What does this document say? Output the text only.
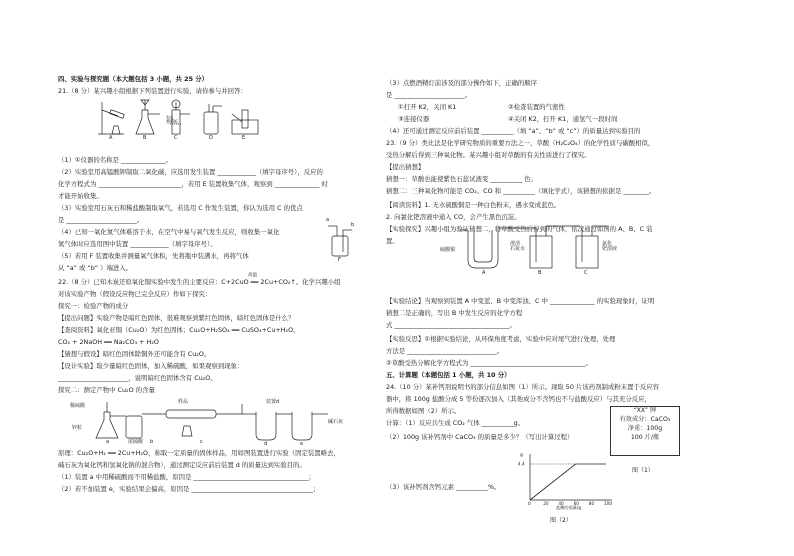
四、实验与探究题（本大题包括 3 小题，共 25 分）
21.（8 分）某兴趣小组根据下列装置进行实验，请你参与并回答：
有孔
塑料板
A	B	C	D	E
（1）①仪器的名称是 ______________。
（2）实验室用高锰酸钾制取二氧化碳，应选用发生装置 ____________（填字母序号），反应的
化学方程式为 __________________________，若用 E 装置收集气体，观察到 ______________ 时
才能开始收集。
（3）实验室用石灰石和稀盐酸制取氧气，若选用 C 作发生装置，你认为选用 C 的优点
是 ______________________。
（4）已知一氧化氮气体难溶于水，在空气中易与氧气发生反应，则收集一氧化
氮气体时应选用图中装置 ____________（填字母序号）。
（5）若用 F 装置收集并测量氧气体积，先将瓶中装满水，再将气体
从 “a” 或 “b” ）端进入。
a
b
F
22.（8 分）已知木炭还原氧化铜实验中发生的主要反应：C+2CuO ══ 2Cu+CO₂↑。化学兴趣小组
高温
对该实验产物（假设反应物已完全反应）作如下探究：
探究一：检验产物的成分
【提出问题】实验产物是暗红色固体，很难观察到紫红色固体，暗红色固体是什么？
【查阅资料】氧化亚铜（Cu₂O）为红色固体；Cu₂O+H₂SO₄ ══ CuSO₄+Cu+H₂O。
CO₂ + 2NaOH ══ Na₂CO₃ + H₂O
【猜想与假设】暗红色固体除铜外还可能含有 Cu₂O。
【设计实验】取少量暗红色固体，加入稀硫酸，如果观察到现象：
______________________，说明暗红色固体含有 Cu₂O。
探究二：测定产物中 Cu₂O 的含量
稀硫酸
锌粒
浓硫酸
样品
碱石灰
装置d
a	b	c	d	e
原理：Cu₂O+H₂ ══ 2Cu+H₂O，称取一定质量的固体样品，用如图装置进行实验（固定装置略去，
碱石灰为氧化钙和氢氧化钠的混合物），通过测定反应前后装置 d 的质量达到实验目的。
（1）装置 a 中用稀硫酸而不用稀盐酸，原因是 ____________________________________；
（2）若不加装置 e，实验结果会偏高，原因是 ______________________________________；
（3）点燃酒精灯前涉及的部分操作如下，正确的顺序
是 ______________________。
①打开 K2，关闭 K1	②检查装置的气密性
③连接仪器	④关闭 K2，打开 K1，通氢气一段时间
（4）还可通过测定反应前后装置 __________（填 “a”、“b” 或 “c”）的质量达到实验目的
23.（9 分）类比法是化学研究物质的重要方法之一，草酸（H₂C₂O₄）的化学性质与碳酸相似，
受热分解后得到三种氧化物。某兴趣小组对草酸的有关性质进行了探究。
【提出猜想】
猜想一：草酸也能使紫色石蕊试液变 __________ 色；
猜想二：三种氧化物可能是 CO₂、CO 和 __________（填化学式），该猜想的依据是 ________。
【阅读资料】1. 无水硫酸铜是一种白色粉末，遇水变成蓝色。
2. 向氯化钯溶液中通入 CO，会产生黑色沉淀。
【实验探究】兴趣小组为验证猜想二，将草酸受热后得到的气体，依次通过如图的 A、B、C 装
置。
硫酸铜
澄清
石灰水
氯化
钯溶液
A	B	C
【实验结论】当观察到装置 A 中变蓝、B 中变浑浊、C 中 ______________ 的实验现象时，证明
猜想二是正确的，写出 B 中发生反应的化学方程
式 ____________________________________。
【实验反思】①根据实验结论，从环保角度考虑，实验中应对尾气进行处理，处理
方法是 ____________________________。
②草酸受热分解化学方程式为 ____________________________________。
五、计算题（本题包括 1 小题，共 10 分）
24.（10 分）某补钙剂说明书的部分信息如图（1）所示。现取 50 片该药剂制成粉末置于反应容
器中，将 100g 盐酸分成 5 等份逐次加入（其他成分不含钙也不与盐酸反应）与其充分反应，
所得数据如图（2）所示。
计算：（1）反应共生成 CO₂ 气体 __________g。
（2）100g 该补钙剂中 CaCO₃ 的质量是多少？（写出计算过程）
（3）该补钙剂含钙元素 __________%。
“XX” 牌
有效成分：CaCO₃
净重：100g
100 片/瓶
图（1）
0	20 40 60 80 100
g
4.4
盐酸的质量/g
图（2）
